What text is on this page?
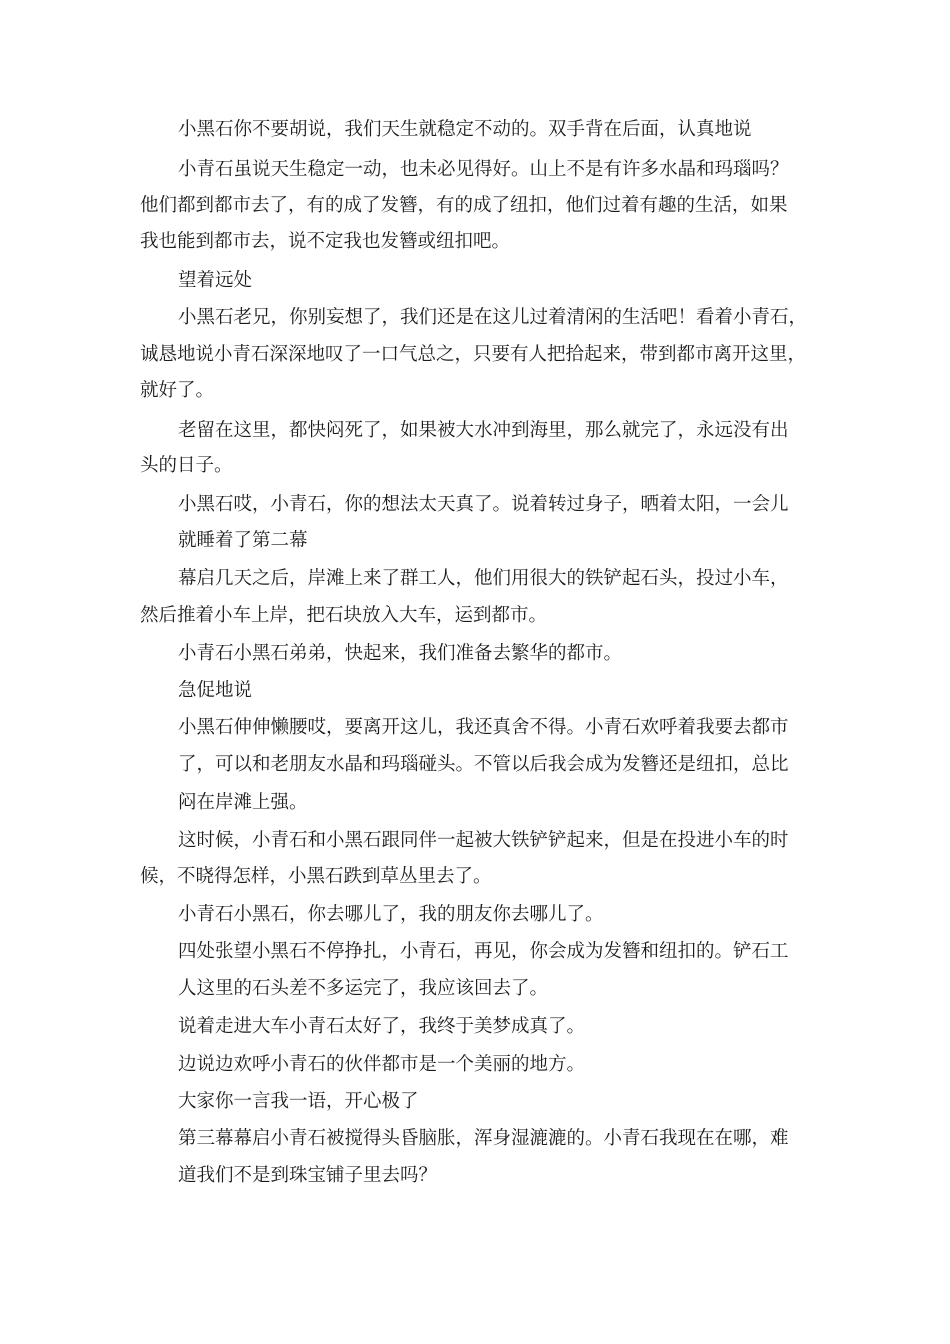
小黑石你不要胡说，我们天生就稳定不动的。双手背在后面，认真地说
小青石虽说天生稳定一动，也未必见得好。山上不是有许多水晶和玛瑙吗？
他们都到都市去了，有的成了发簪，有的成了纽扣，他们过着有趣的生活，如果
我也能到都市去，说不定我也发簪或纽扣吧。
望着远处
小黑石老兄，你别妄想了，我们还是在这儿过着清闲的生活吧！看着小青石，
诚恳地说小青石深深地叹了一口气总之，只要有人把拾起来，带到都市离开这里，
就好了。
老留在这里，都快闷死了，如果被大水冲到海里，那么就完了，永远没有出
头的日子。
小黑石哎，小青石，你的想法太天真了。说着转过身子，晒着太阳，一会儿
就睡着了第二幕
幕启几天之后，岸滩上来了群工人，他们用很大的铁铲起石头，投过小车，
然后推着小车上岸，把石块放入大车，运到都市。
小青石小黑石弟弟，快起来，我们准备去繁华的都市。
急促地说
小黑石伸伸懒腰哎，要离开这儿，我还真舍不得。小青石欢呼着我要去都市
了，可以和老朋友水晶和玛瑙碰头。不管以后我会成为发簪还是纽扣，总比
闷在岸滩上强。
这时候，小青石和小黑石跟同伴一起被大铁铲铲起来，但是在投进小车的时
候，不晓得怎样，小黑石跌到草丛里去了。
小青石小黑石，你去哪儿了，我的朋友你去哪儿了。
四处张望小黑石不停挣扎，小青石，再见，你会成为发簪和纽扣的。铲石工
人这里的石头差不多运完了，我应该回去了。
说着走进大车小青石太好了，我终于美梦成真了。
边说边欢呼小青石的伙伴都市是一个美丽的地方。
大家你一言我一语，开心极了
第三幕幕启小青石被搅得头昏脑胀，浑身湿漉漉的。小青石我现在在哪，难
道我们不是到珠宝铺子里去吗？
